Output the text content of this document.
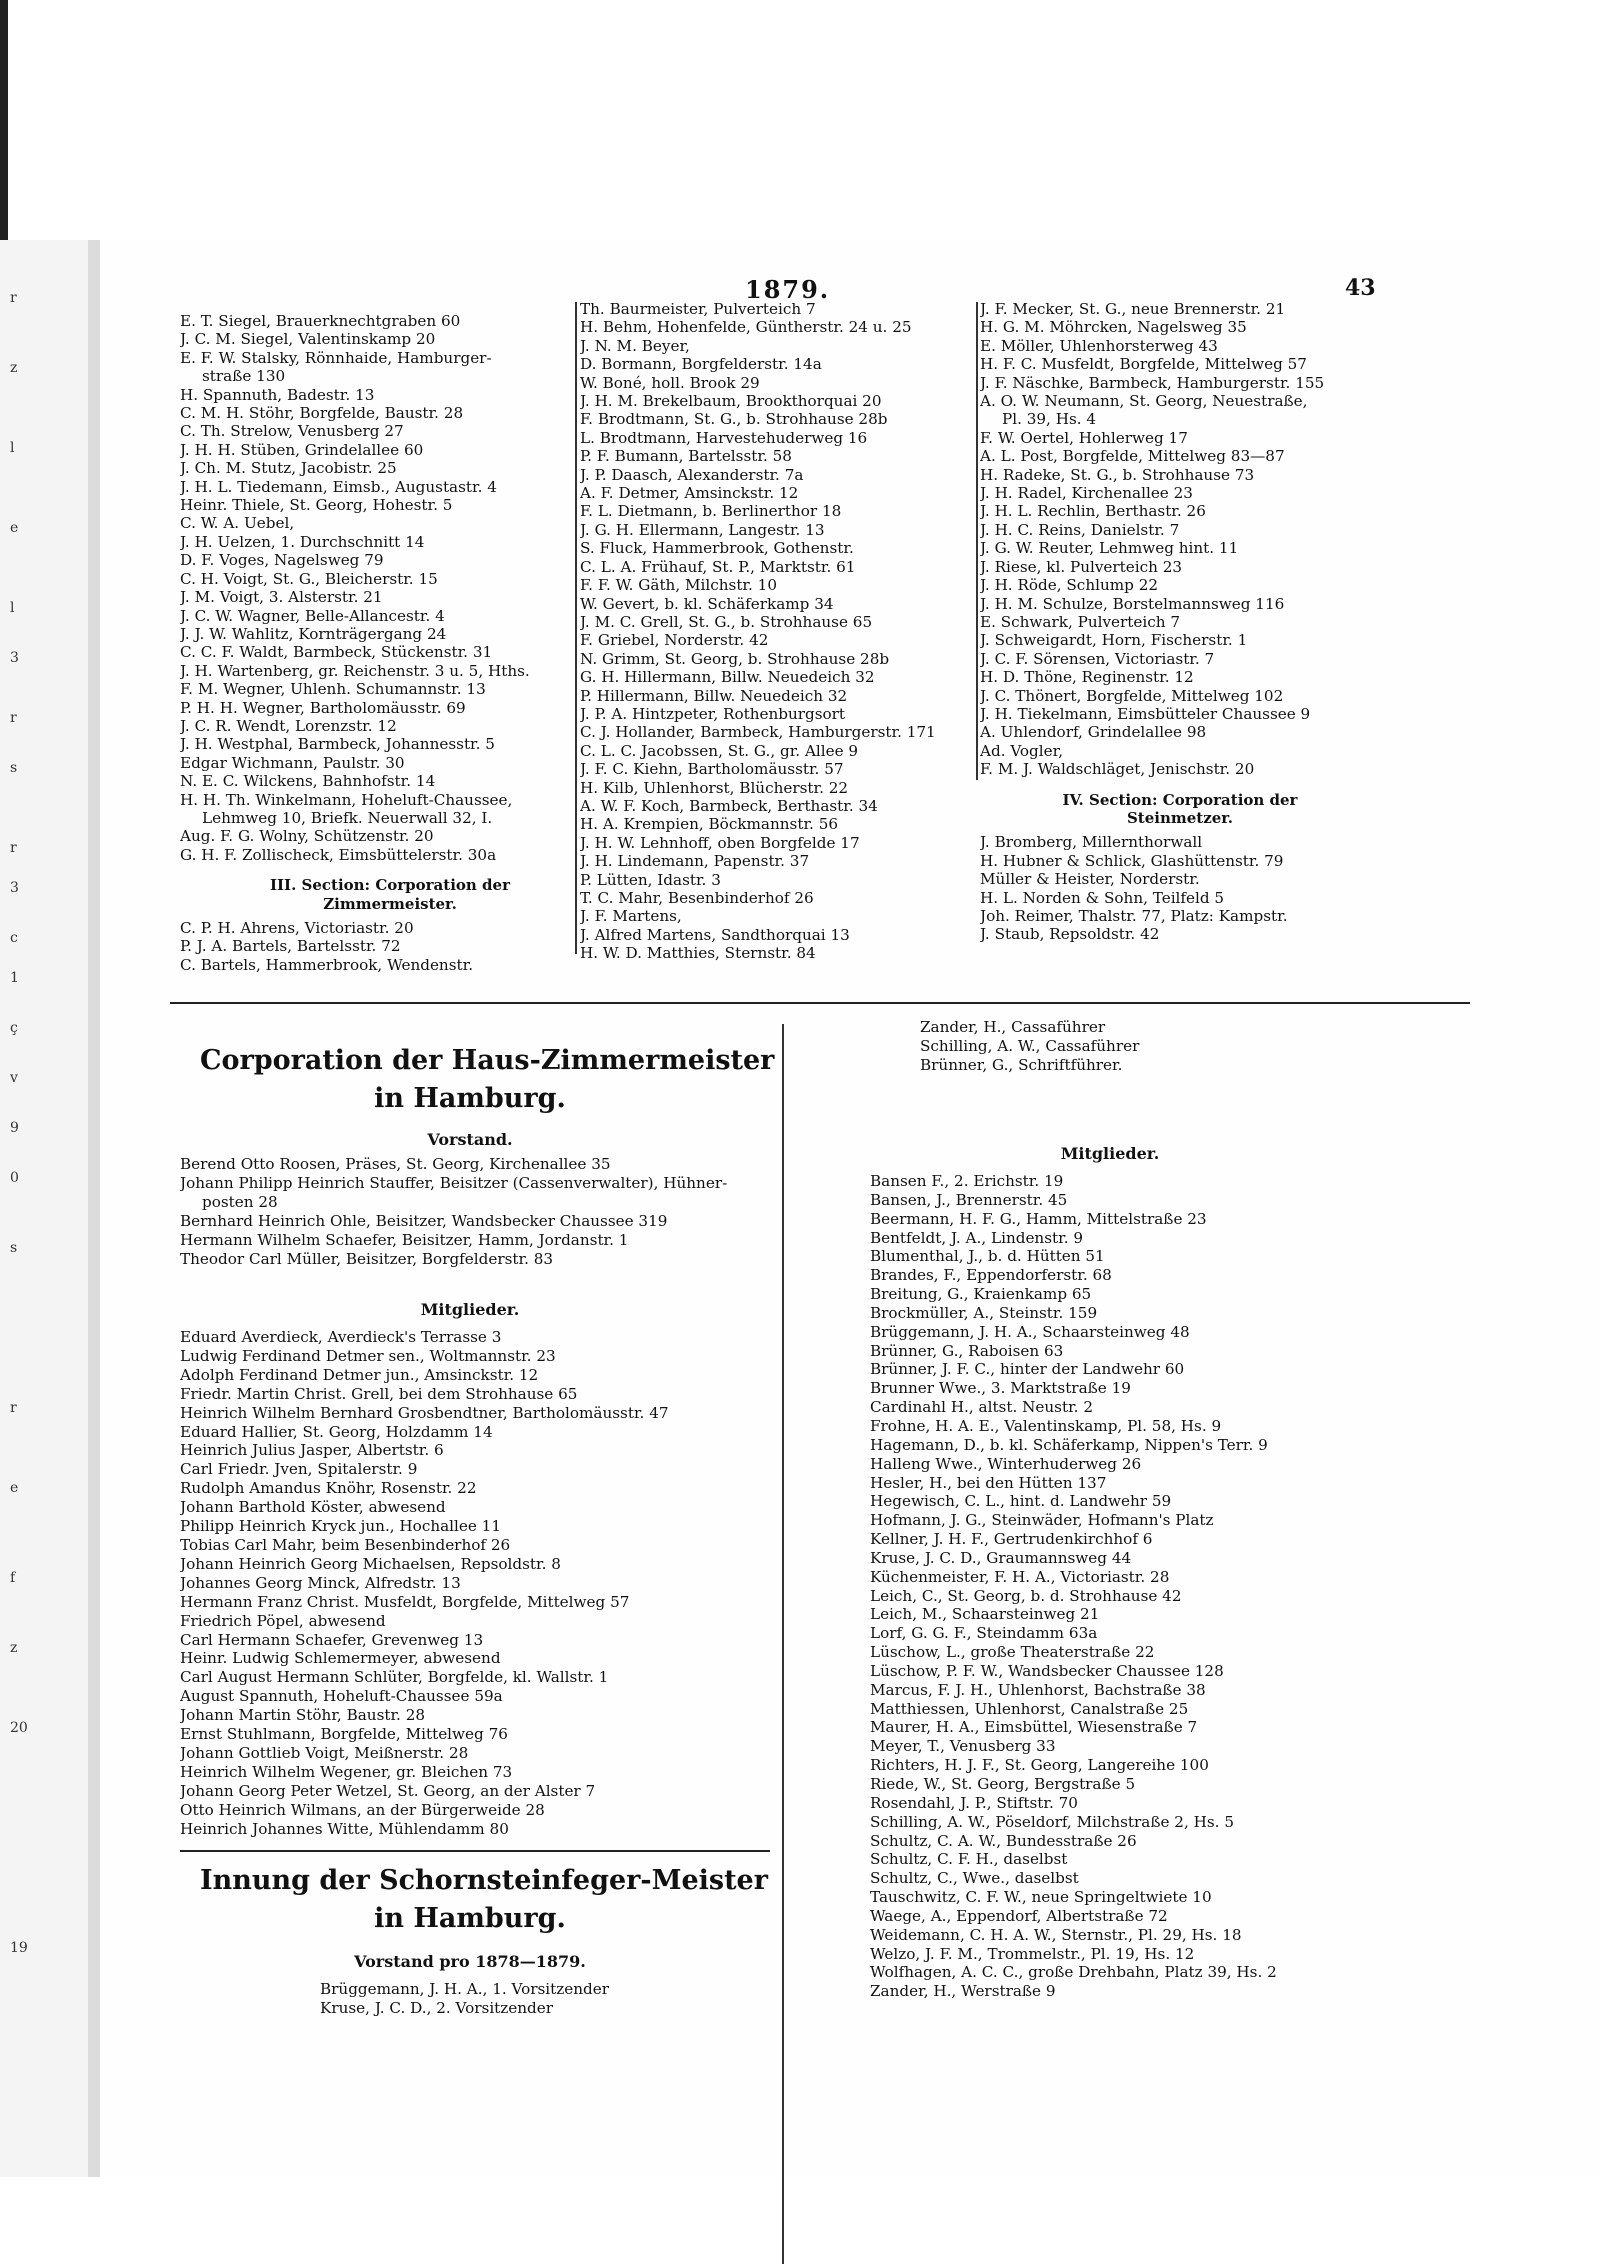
r
z
l
e
l
3
r
s
r
3
c
1
ç
v
9
0
s
r
e
f
z
20
19
1879.	43
E. T. Siegel, Brauerknechtgraben 60
J. C. M. Siegel, Valentinskamp 20
E. F. W. Stalsky, Rönnhaide, Hamburger-
straße 130
H. Spannuth, Badestr. 13
C. M. H. Stöhr, Borgfelde, Baustr. 28
C. Th. Strelow, Venusberg 27
J. H. H. Stüben, Grindelallee 60
J. Ch. M. Stutz, Jacobistr. 25
J. H. L. Tiedemann, Eimsb., Augustastr. 4
Heinr. Thiele, St. Georg, Hohestr. 5
C. W. A. Uebel,
J. H. Uelzen, 1. Durchschnitt 14
D. F. Voges, Nagelsweg 79
C. H. Voigt, St. G., Bleicherstr. 15
J. M. Voigt, 3. Alsterstr. 21
J. C. W. Wagner, Belle-Allancestr. 4
J. J. W. Wahlitz, Kornträgergang 24
C. C. F. Waldt, Barmbeck, Stückenstr. 31
J. H. Wartenberg, gr. Reichenstr. 3 u. 5, Hths.
F. M. Wegner, Uhlenh. Schumannstr. 13
P. H. H. Wegner, Bartholomäusstr. 69
J. C. R. Wendt, Lorenzstr. 12
J. H. Westphal, Barmbeck, Johannesstr. 5
Edgar Wichmann, Paulstr. 30
N. E. C. Wilckens, Bahnhofstr. 14
H. H. Th. Winkelmann, Hoheluft-Chaussee,
Lehmweg 10, Briefk. Neuerwall 32, I.
Aug. F. G. Wolny, Schützenstr. 20
G. H. F. Zollischeck, Eimsbüttelerstr. 30a
III. Section: Corporation der
Zimmermeister.
C. P. H. Ahrens, Victoriastr. 20
P. J. A. Bartels, Bartelsstr. 72
C. Bartels, Hammerbrook, Wendenstr.
Th. Baurmeister, Pulverteich 7
H. Behm, Hohenfelde, Güntherstr. 24 u. 25
J. N. M. Beyer,
D. Bormann, Borgfelderstr. 14a
W. Boné, holl. Brook 29
J. H. M. Brekelbaum, Brookthorquai 20
F. Brodtmann, St. G., b. Strohhause 28b
L. Brodtmann, Harvestehuderweg 16
P. F. Bumann, Bartelsstr. 58
J. P. Daasch, Alexanderstr. 7a
A. F. Detmer, Amsinckstr. 12
F. L. Dietmann, b. Berlinerthor 18
J. G. H. Ellermann, Langestr. 13
S. Fluck, Hammerbrook, Gothenstr.
C. L. A. Frühauf, St. P., Marktstr. 61
F. F. W. Gäth, Milchstr. 10
W. Gevert, b. kl. Schäferkamp 34
J. M. C. Grell, St. G., b. Strohhause 65
F. Griebel, Norderstr. 42
N. Grimm, St. Georg, b. Strohhause 28b
G. H. Hillermann, Billw. Neuedeich 32
P. Hillermann, Billw. Neuedeich 32
J. P. A. Hintzpeter, Rothenburgsort
C. J. Hollander, Barmbeck, Hamburgerstr. 171
C. L. C. Jacobssen, St. G., gr. Allee 9
J. F. C. Kiehn, Bartholomäusstr. 57
H. Kilb, Uhlenhorst, Blücherstr. 22
A. W. F. Koch, Barmbeck, Berthastr. 34
H. A. Krempien, Böckmannstr. 56
J. H. W. Lehnhoff, oben Borgfelde 17
J. H. Lindemann, Papenstr. 37
P. Lütten, Idastr. 3
T. C. Mahr, Besenbinderhof 26
J. F. Martens,
J. Alfred Martens, Sandthorquai 13
H. W. D. Matthies, Sternstr. 84
J. F. Mecker, St. G., neue Brennerstr. 21
H. G. M. Möhrcken, Nagelsweg 35
E. Möller, Uhlenhorsterweg 43
H. F. C. Musfeldt, Borgfelde, Mittelweg 57
J. F. Näschke, Barmbeck, Hamburgerstr. 155
A. O. W. Neumann, St. Georg, Neuestraße,
Pl. 39, Hs. 4
F. W. Oertel, Hohlerweg 17
A. L. Post, Borgfelde, Mittelweg 83—87
H. Radeke, St. G., b. Strohhause 73
J. H. Radel, Kirchenallee 23
J. H. L. Rechlin, Berthastr. 26
J. H. C. Reins, Danielstr. 7
J. G. W. Reuter, Lehmweg hint. 11
J. Riese, kl. Pulverteich 23
J. H. Röde, Schlump 22
J. H. M. Schulze, Borstelmannsweg 116
E. Schwark, Pulverteich 7
J. Schweigardt, Horn, Fischerstr. 1
J. C. F. Sörensen, Victoriastr. 7
H. D. Thöne, Reginenstr. 12
J. C. Thönert, Borgfelde, Mittelweg 102
J. H. Tiekelmann, Eimsbütteler Chaussee 9
A. Uhlendorf, Grindelallee 98
Ad. Vogler,
F. M. J. Waldschläget, Jenischstr. 20
IV. Section: Corporation der
Steinmetzer.
J. Bromberg, Millernthorwall
H. Hubner & Schlick, Glashüttenstr. 79
Müller & Heister, Norderstr.
H. L. Norden & Sohn, Teilfeld 5
Joh. Reimer, Thalstr. 77, Platz: Kampstr.
J. Staub, Repsoldstr. 42
Corporation der Haus-Zimmermeister
in Hamburg.
Vorstand.
Berend Otto Roosen, Präses, St. Georg, Kirchenallee 35
Johann Philipp Heinrich Stauffer, Beisitzer (Cassenverwalter), Hühner-
posten 28
Bernhard Heinrich Ohle, Beisitzer, Wandsbecker Chaussee 319
Hermann Wilhelm Schaefer, Beisitzer, Hamm, Jordanstr. 1
Theodor Carl Müller, Beisitzer, Borgfelderstr. 83
Mitglieder.
Eduard Averdieck, Averdieck's Terrasse 3
Ludwig Ferdinand Detmer sen., Woltmannstr. 23
Adolph Ferdinand Detmer jun., Amsinckstr. 12
Friedr. Martin Christ. Grell, bei dem Strohhause 65
Heinrich Wilhelm Bernhard Grosbendtner, Bartholomäusstr. 47
Eduard Hallier, St. Georg, Holzdamm 14
Heinrich Julius Jasper, Albertstr. 6
Carl Friedr. Jven, Spitalerstr. 9
Rudolph Amandus Knöhr, Rosenstr. 22
Johann Barthold Köster, abwesend
Philipp Heinrich Kryck jun., Hochallee 11
Tobias Carl Mahr, beim Besenbinderhof 26
Johann Heinrich Georg Michaelsen, Repsoldstr. 8
Johannes Georg Minck, Alfredstr. 13
Hermann Franz Christ. Musfeldt, Borgfelde, Mittelweg 57
Friedrich Pöpel, abwesend
Carl Hermann Schaefer, Grevenweg 13
Heinr. Ludwig Schlemermeyer, abwesend
Carl August Hermann Schlüter, Borgfelde, kl. Wallstr. 1
August Spannuth, Hoheluft-Chaussee 59a
Johann Martin Stöhr, Baustr. 28
Ernst Stuhlmann, Borgfelde, Mittelweg 76
Johann Gottlieb Voigt, Meißnerstr. 28
Heinrich Wilhelm Wegener, gr. Bleichen 73
Johann Georg Peter Wetzel, St. Georg, an der Alster 7
Otto Heinrich Wilmans, an der Bürgerweide 28
Heinrich Johannes Witte, Mühlendamm 80
Innung der Schornsteinfeger-Meister
in Hamburg.
Vorstand pro 1878—1879.
Brüggemann, J. H. A., 1. Vorsitzender
Kruse, J. C. D., 2. Vorsitzender
Zander, H., Cassaführer
Schilling, A. W., Cassaführer
Brünner, G., Schriftführer.
Mitglieder.
Bansen F., 2. Erichstr. 19
Bansen, J., Brennerstr. 45
Beermann, H. F. G., Hamm, Mittelstraße 23
Bentfeldt, J. A., Lindenstr. 9
Blumenthal, J., b. d. Hütten 51
Brandes, F., Eppendorferstr. 68
Breitung, G., Kraienkamp 65
Brockmüller, A., Steinstr. 159
Brüggemann, J. H. A., Schaarsteinweg 48
Brünner, G., Raboisen 63
Brünner, J. F. C., hinter der Landwehr 60
Brunner Wwe., 3. Marktstraße 19
Cardinahl H., altst. Neustr. 2
Frohne, H. A. E., Valentinskamp, Pl. 58, Hs. 9
Hagemann, D., b. kl. Schäferkamp, Nippen's Terr. 9
Halleng Wwe., Winterhuderweg 26
Hesler, H., bei den Hütten 137
Hegewisch, C. L., hint. d. Landwehr 59
Hofmann, J. G., Steinwäder, Hofmann's Platz
Kellner, J. H. F., Gertrudenkirchhof 6
Kruse, J. C. D., Graumannsweg 44
Küchenmeister, F. H. A., Victoriastr. 28
Leich, C., St. Georg, b. d. Strohhause 42
Leich, M., Schaarsteinweg 21
Lorf, G. G. F., Steindamm 63a
Lüschow, L., große Theaterstraße 22
Lüschow, P. F. W., Wandsbecker Chaussee 128
Marcus, F. J. H., Uhlenhorst, Bachstraße 38
Matthiessen, Uhlenhorst, Canalstraße 25
Maurer, H. A., Eimsbüttel, Wiesenstraße 7
Meyer, T., Venusberg 33
Richters, H. J. F., St. Georg, Langereihe 100
Riede, W., St. Georg, Bergstraße 5
Rosendahl, J. P., Stiftstr. 70
Schilling, A. W., Pöseldorf, Milchstraße 2, Hs. 5
Schultz, C. A. W., Bundesstraße 26
Schultz, C. F. H., daselbst
Schultz, C., Wwe., daselbst
Tauschwitz, C. F. W., neue Springeltwiete 10
Waege, A., Eppendorf, Albertstraße 72
Weidemann, C. H. A. W., Sternstr., Pl. 29, Hs. 18
Welzo, J. F. M., Trommelstr., Pl. 19, Hs. 12
Wolfhagen, A. C. C., große Drehbahn, Platz 39, Hs. 2
Zander, H., Werstraße 9
